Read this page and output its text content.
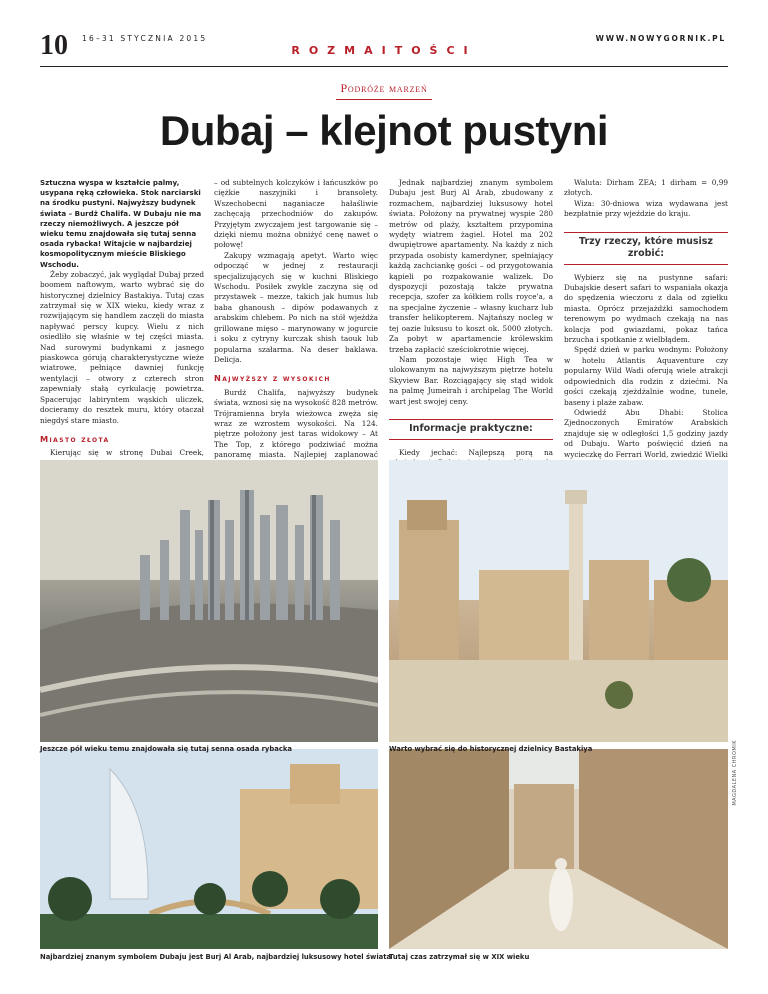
10 16–31 STYCZNIA 2015	WWW.NOWYGORNIK.PL
ROZMAITOŚCI
Podróże marzeń
Dubaj – klejnot pustyni

Sztuczna wyspa w kształcie palmy, usypana ręką człowieka. Stok narciarski na środku pustyni. Najwyższy budynek świata – Burdż Chalifa. W Dubaju nie ma rzeczy niemożliwych. A jeszcze pół wieku temu znajdowała się tutaj senna osada rybacka! Witajcie w najbardziej kosmopolitycznym mieście Bliskiego Wschodu.

Żeby zobaczyć, jak wyglądał Dubaj przed boomem naftowym, warto wybrać się do historycznej dzielnicy Bastakiya. Tutaj czas zatrzymał się w XIX wieku, kiedy wraz z rozwijającym się handlem zaczęli do miasta napływać perscy kupcy. Wielu z nich osiedliło się właśnie w tej części miasta. Nad surowymi budynkami z jasnego piaskowca górują charakterystyczne wieże wiatrowe, pełniące dawniej funkcję wentylacji – otwory z czterech stron zapewniały stałą cyrkulację powietrza. Spacerując labiryntem wąskich uliczek, docieramy do resztek muru, który otaczał niegdyś stare miasto.

Miasto złota

Kierując się w stronę Dubai Creek,

– od subtelnych kolczyków i łańcuszków po ciężkie naszyjniki i bransolety. Wszechobecni naganiacze hałaśliwie zachęcają przechodniów do zakupów. Przyjętym zwyczajem jest targowanie się – dzięki niemu można obniżyć cenę nawet o połowę!

Zakupy wzmagają apetyt. Warto więc odpocząć w jednej z restauracji specjalizujących się w kuchni Bliskiego Wschodu. Posiłek zwykle zaczyna się od przystawek – mezze, takich jak humus lub baba ghanoush – dipów podawanych z arabskim chlebem. Po nich na stół wjeżdża grillowane mięso – marynowany w jogurcie i soku z cytryny kurczak shish taouk lub popularna szałarma. Na deser baklawa. Delicja.

Najwyższy z wysokich

Burdż Chalifa, najwyższy budynek świata, wznosi się na wysokość 828 metrów. Trójramienna bryła wieżowca zwęża się wraz ze wzrostem wysokości. Na 124. piętrze położony jest taras widokowy – At The Top, z którego podziwiać można panoramę miasta. Najlepiej zaplanować

Jednak najbardziej znanym symbolem Dubaju jest Burj Al Arab, zbudowany z rozmachem, najbardziej luksusowy hotel świata. Położony na prywatnej wyspie 280 metrów od plaży, kształtem przypomina wydęty wiatrem żagiel. Hotel ma 202 dwupiętrowe apartamenty. Na każdy z nich przypada osobisty kamerdyner, spełniający każdą zachciankę gości – od przygotowania kąpieli po rozpakowanie walizek. Do dyspozycji pozostają także prywatna recepcja, szofer za kółkiem rolls royce'a, a na specjalne życzenie – własny kucharz lub transfer helikopterem. Najtańszy nocleg w tej oazie luksusu to koszt ok. 5000 złotych. Za pobyt w apartamencie królewskim trzeba zapłacić sześciokrotnie więcej.

Nam pozostaje więc High Tea w ulokowanym na najwyższym piętrze hotelu Skyview Bar. Rozciągający się stąd widok na palmę Jumeirah i archipelag The World wart jest swojej ceny.

Informacje praktyczne:

Kiedy jechać: Najlepszą porą na

Waluta: Dirham ZEA; 1 dirham = 0,99 złotych.

Wiza: 30-dniowa wiza wydawana jest bezpłatnie przy wjeździe do kraju.

Trzy rzeczy, które musisz zrobić:

Wybierz się na pustynne safari: Dubajskie desert safari to wspaniała okazja do spędzenia wieczoru z dala od zgiełku miasta. Oprócz przejażdżki samochodem terenowym po wydmach czekają na nas kolacja pod gwiazdami, pokaz tańca brzucha i spotkanie z wielbłądem.

Spędź dzień w parku wodnym: Położony w hotelu Atlantis Aquaventure czy popularny Wild Wadi oferują wiele atrakcji odpowiednich dla rodzin z dziećmi. Na gości czekają zjeżdżalnie wodne, tunele, baseny i plaże zabaw.

Odwiedź Abu Dhabi: Stolica Zjednoczonych Emiratów Arabskich znajduje się w odległości 1,5 godziny jazdy od Dubaju. Warto poświęcić dzień na wycieczkę do Ferrari World, zwiedzić Wielki

Jeszcze pół wieku temu znajdowała się tutaj senna osada rybacka	Warto wybrać się do historycznej dzielnicy Bastakiya
Najbardziej znanym symbolem Dubaju jest Burj Al Arab, najbardziej luksusowy hotel świata
Tutaj czas zatrzymał się w XIX wieku
MAGDALENA CHROMIK
